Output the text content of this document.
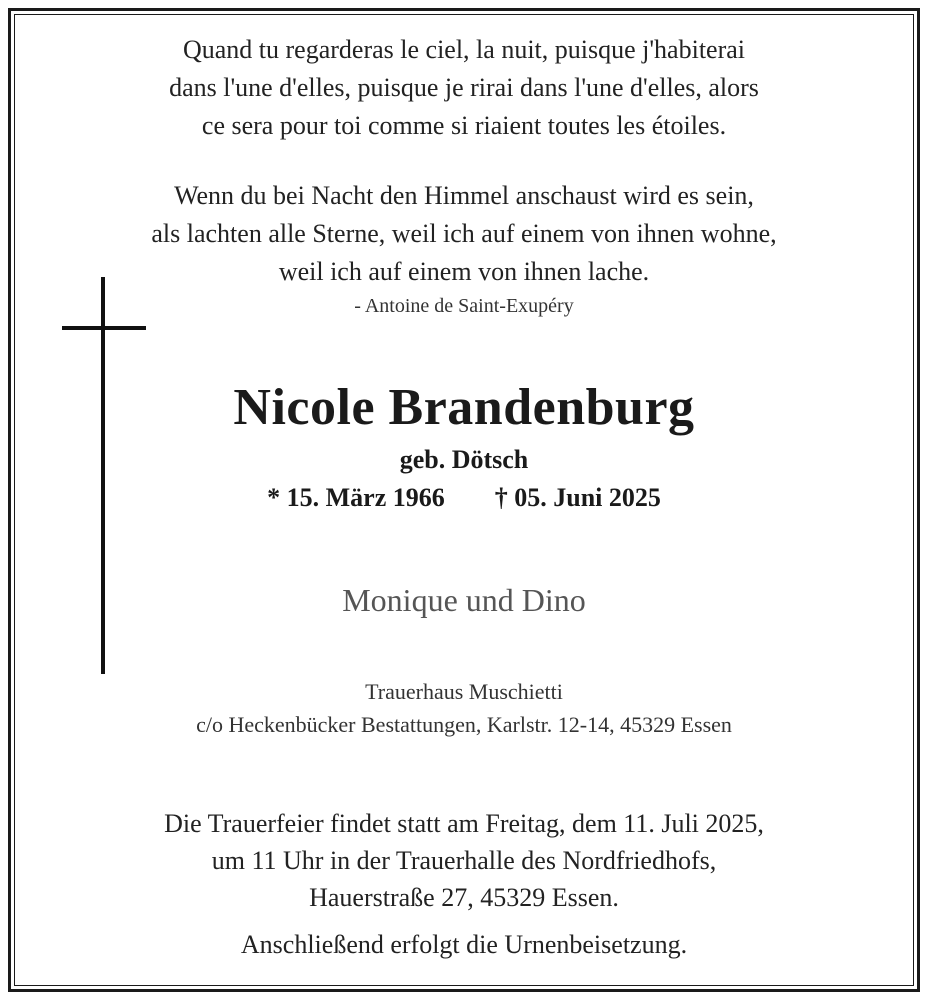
Quand tu regarderas le ciel, la nuit, puisque j'habiterai
dans l'une d'elles, puisque je rirai dans l'une d'elles, alors
ce sera pour toi comme si riaient toutes les étoiles.
Wenn du bei Nacht den Himmel anschaust wird es sein,
als lachten alle Sterne, weil ich auf einem von ihnen wohne,
weil ich auf einem von ihnen lache.
- Antoine de Saint-Exupéry
Nicole Brandenburg
geb. Dötsch
* 15. März 1966 † 05. Juni 2025
Monique und Dino
Trauerhaus Muschietti
c/o Heckenbücker Bestattungen, Karlstr. 12-14, 45329 Essen
Die Trauerfeier findet statt am Freitag, dem 11. Juli 2025,
um 11 Uhr in der Trauerhalle des Nordfriedhofs,
Hauerstraße 27, 45329 Essen.
Anschließend erfolgt die Urnenbeisetzung.
